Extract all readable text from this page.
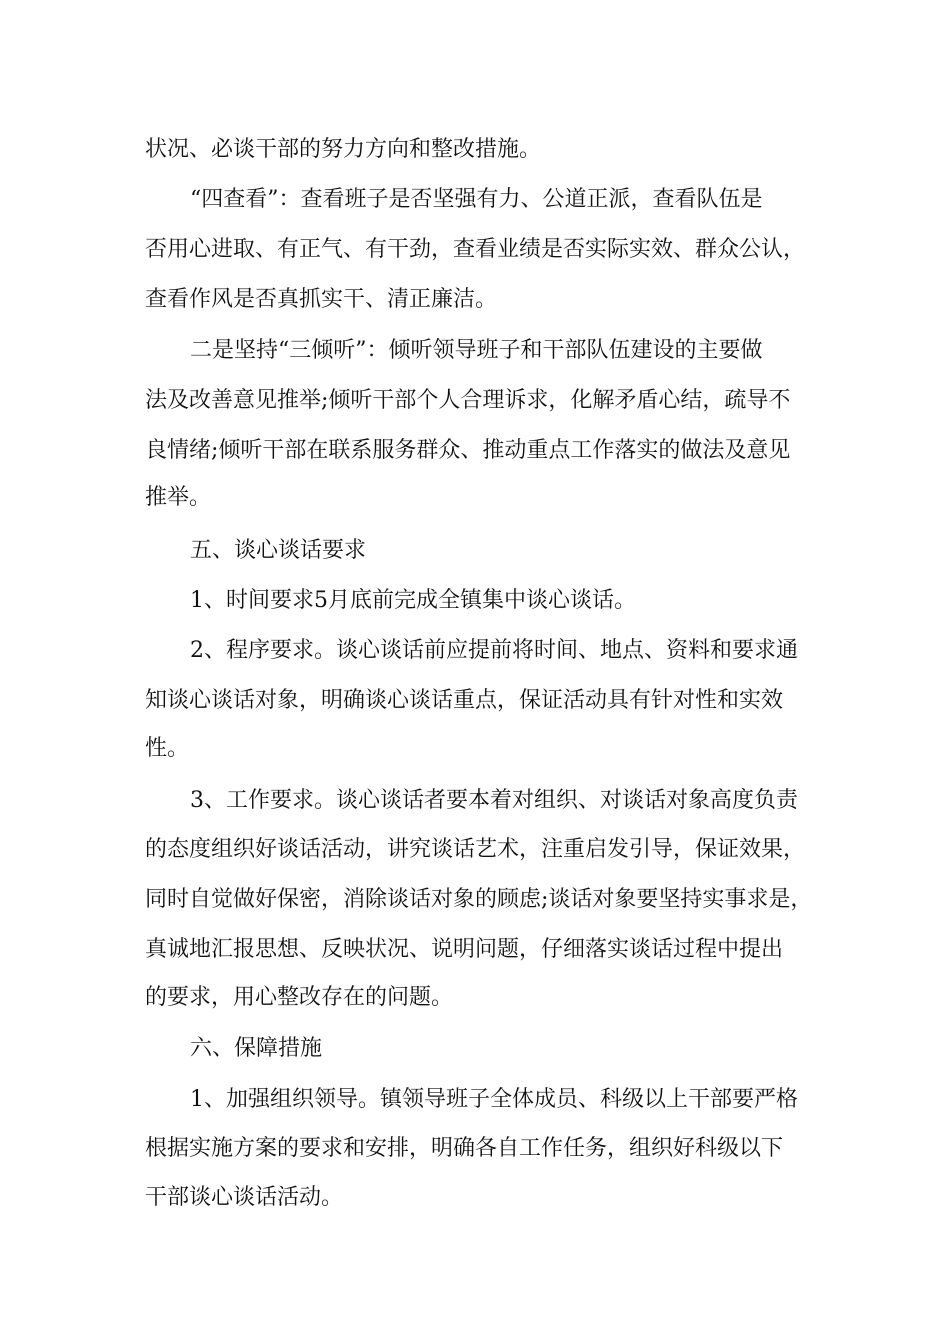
状况、必谈干部的努力方向和整改措施。

“四查看”：查看班子是否坚强有力、公道正派，查看队伍是

否用心进取、有正气、有干劲，查看业绩是否实际实效、群众公认，

查看作风是否真抓实干、清正廉洁。

二是坚持“三倾听”：倾听领导班子和干部队伍建设的主要做

法及改善意见推举;倾听干部个人合理诉求，化解矛盾心结，疏导不

良情绪;倾听干部在联系服务群众、推动重点工作落实的做法及意见

推举。

五、谈心谈话要求

1、时间要求5月底前完成全镇集中谈心谈话。

2、程序要求。谈心谈话前应提前将时间、地点、资料和要求通

知谈心谈话对象，明确谈心谈话重点，保证活动具有针对性和实效

性。

3、工作要求。谈心谈话者要本着对组织、对谈话对象高度负责

的态度组织好谈话活动，讲究谈话艺术，注重启发引导，保证效果，

同时自觉做好保密，消除谈话对象的顾虑;谈话对象要坚持实事求是，

真诚地汇报思想、反映状况、说明问题，仔细落实谈话过程中提出

的要求，用心整改存在的问题。

六、保障措施

1、加强组织领导。镇领导班子全体成员、科级以上干部要严格

根据实施方案的要求和安排，明确各自工作任务，组织好科级以下

干部谈心谈话活动。
